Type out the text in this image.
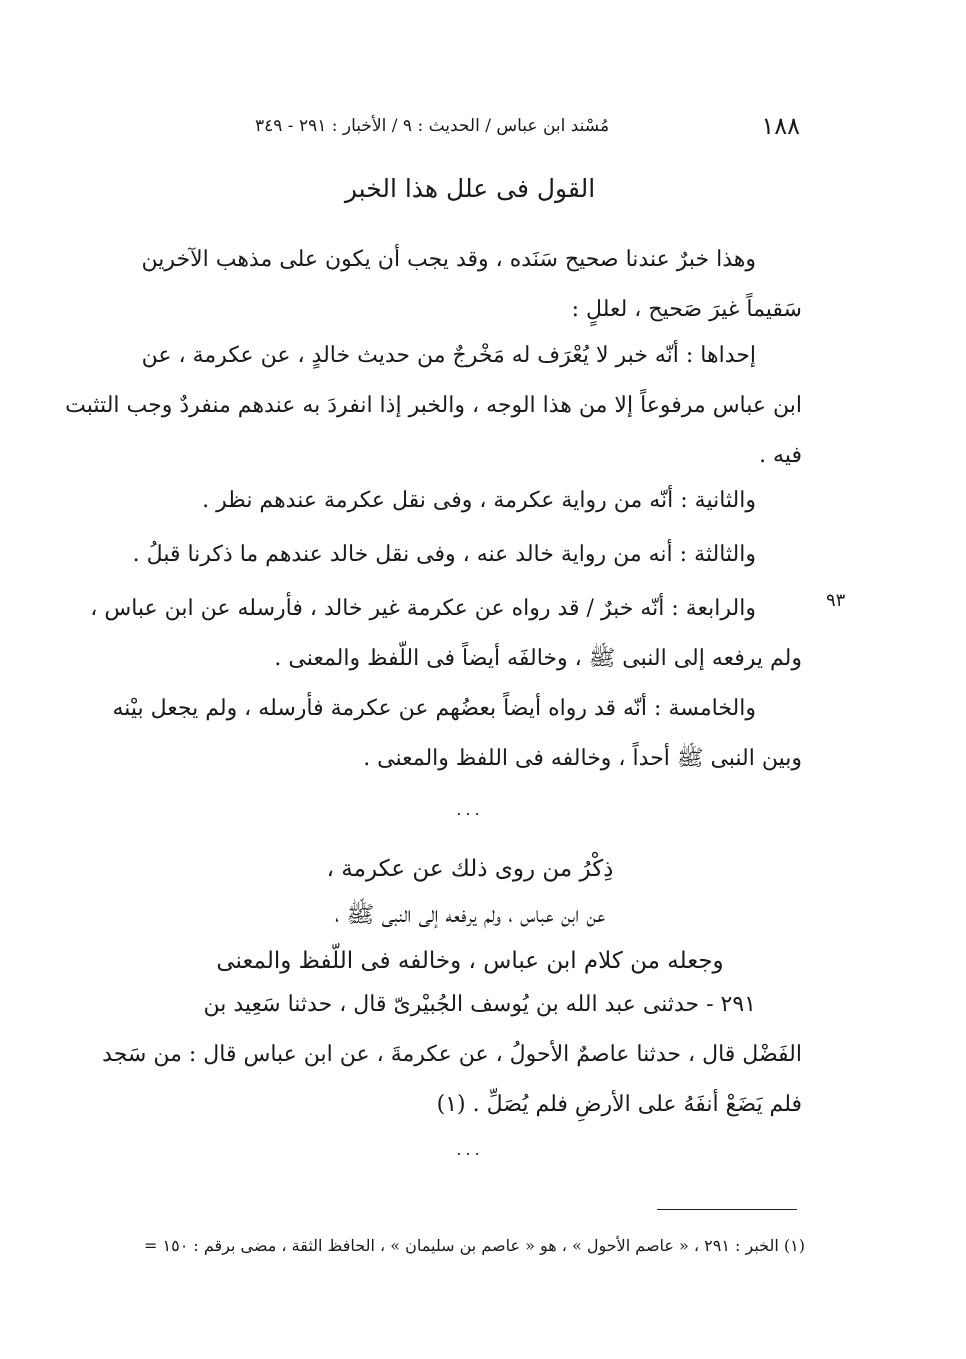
١٨٨
مُسْند ابن عباس / الحديث : ٩ / الأخبار : ٢٩١ - ٣٤٩
القول فى علل هذا الخبر
وهذا خبرٌ عندنا صحيح سَنَده ، وقد يجب أن يكون على مذهب الآخرين
سَقيماً غيرَ صَحيح ، لعللٍ :
إحداها : أنّه خبر لا يُعْرَف له مَخْرجٌ من حديث خالدٍ ، عن عكرمة ، عن
ابن عباس مرفوعاً إلا من هذا الوجه ، والخبر إذا انفردَ به عندهم منفردٌ وجب التثبت
فيه .
والثانية : أنّه من رواية عكرمة ، وفى نقل عكرمة عندهم نظر .
والثالثة : أنه من رواية خالد عنه ، وفى نقل خالد عندهم ما ذكرنا قبلُ .
٩٣
والرابعة : أنّه خبرٌ / قد رواه عن عكرمة غير خالد ، فأرسله عن ابن عباس ،
ولم يرفعه إلى النبى ﷺ ، وخالفَه أيضاً فى اللّفظ والمعنى .
والخامسة : أنّه قد رواه أيضاً بعضُهم عن عكرمة فأرسله ، ولم يجعل بيْنه
وبين النبى ﷺ أحداً ، وخالفه فى اللفظ والمعنى .
...
ذِكْرُ من روى ذلك عن عكرمة ،
عن ابن عباس ، ولم يرفعه إلى النبى ﷺ ،
وجعله من كلام ابن عباس ، وخالفه فى اللّفظ والمعنى
٢٩١ - حدثنى عبد الله بن يُوسف الجُبيْرىّ قال ، حدثنا سَعِيد بن
الفَضْل قال ، حدثنا عاصمٌ الأحولُ ، عن عكرمةَ ، عن ابن عباس قال : من سَجد
فلم يَضَعْ أنفَهُ على الأرضِ فلم يُصَلِّ . (١)
...
(١) الخبر : ٢٩١ ، « عاصم الأحول » ، هو « عاصم بن سليمان » ، الحافظ الثقة ، مضى برقم : ١٥٠ =
